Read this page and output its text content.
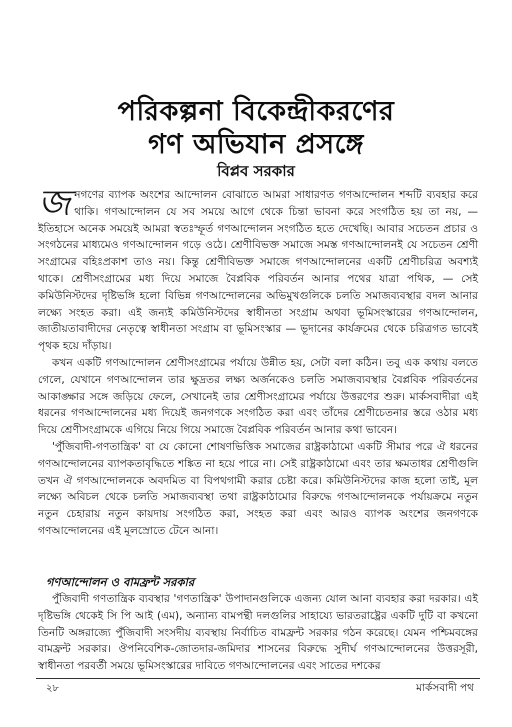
পরিকল্পনা বিকেন্দ্রীকরণের
গণ অভিযান প্রসঙ্গে
বিপ্লব সরকার

জনগণের ব্যাপক অংশের আন্দোলন বোঝাতে আমরা সাধারণত গণআন্দোলন শব্দটি ব্যবহার করে থাকি। গণআন্দোলন যে সব সময়ে আগে থেকে চিন্তা ভাবনা করে সংগঠিত হয় তা নয়, — ইতিহাসে অনেক সময়েই আমরা স্বতঃস্ফূর্ত গণআন্দোলন সংগঠিত হতে দেখেছি। আবার সচেতন প্রচার ও সংগঠনের মাধ্যমেও গণআন্দোলন গড়ে ওঠে। শ্রেণীবিভক্ত সমাজে সমস্ত গণআন্দোলনই যে সচেতন শ্রেণী সংগ্রামের বহিঃপ্রকাশ তাও নয়। কিন্তু শ্রেণীবিভক্ত সমাজে গণআন্দোলনের একটি শ্রেণীচরিত্র অবশ্যই থাকে। শ্রেণীসংগ্রামের মধ্য দিয়ে সমাজে বৈপ্লবিক পরিবর্তন আনার পথের যাত্রা পথিক, — সেই কমিউনিস্টদের দৃষ্টিভঙ্গি হলো বিভিন্ন গণআন্দোলনের অভিমুখগুলিকে চলতি সমাজব্যবস্থার বদল আনার লক্ষ্যে সংহত করা। এই জন্যই কমিউনিস্টদের স্বাধীনতা সংগ্রাম অথবা ভূমিসংস্কারের গণআন্দোলন, জাতীয়তাবাদীদের নেতৃত্বে স্বাধীনতা সংগ্রাম বা ভূমিসংস্কার — ভূদানের কার্যক্রমের থেকে চরিত্রগত ভাবেই পৃথক হয়ে দাঁড়ায়।

কখন একটি গণআন্দোলন শ্রেণীসংগ্রামের পর্যায়ে উন্নীত হয়, সেটা বলা কঠিন। তবু এক কথায় বলতে গেলে, যেখানে গণআন্দোলন তার ক্ষুদ্রতর লক্ষ্য অর্জনকেও চলতি সমাজব্যবস্থার বৈপ্লবিক পরিবর্তনের আকাঙ্ক্ষার সঙ্গে জড়িয়ে ফেলে, সেখানেই তার শ্রেণীসংগ্রামের পর্যায়ে উত্তরণের শুরু। মার্কসবাদীরা এই ধরনের গণআন্দোলনের মধ্য দিয়েই জনগণকে সংগঠিত করা এবং তাঁদের শ্রেণীচেতনার স্তরে ওঠার মধ্য দিয়ে শ্রেণীসংগ্রামকে এগিয়ে নিয়ে গিয়ে সমাজে বৈপ্লবিক পরিবর্তন আনার কথা ভাবেন।

'পুঁজিবাদী-গণতান্ত্রিক' বা যে কোনো শোষণভিত্তিক সমাজের রাষ্ট্রকাঠামো একটি সীমার পরে ঐ ধরনের গণআন্দোলনের ব্যাপকতাবৃদ্ধিতে শঙ্কিত না হয়ে পারে না। সেই রাষ্ট্রকাঠামো এবং তার ক্ষমতাধর শ্রেণীগুলি তখন ঐ গণআন্দোলনকে অবদমিত বা বিপথগামী করার চেষ্টা করে। কমিউনিস্টদের কাজ হলো তাই, মূল লক্ষ্যে অবিচল থেকে চলতি সমাজব্যবস্থা তথা রাষ্ট্রকাঠামোর বিরুদ্ধে গণআন্দোলনকে পর্যায়ক্রমে নতুন নতুন চেহারায় নতুন কায়দায় সংগঠিত করা, সংহত করা এবং আরও ব্যাপক অংশের জনগণকে গণআন্দোলনের এই মূলস্রোতে টেনে আনা।

গণআন্দোলন ও বামফ্রন্ট সরকার

পুঁজিবাদী গণতান্ত্রিক ব্যবস্থার 'গণতান্ত্রিক' উপাদানগুলিকে এজন্য যোল আনা ব্যবহার করা দরকার। এই দৃষ্টিভঙ্গি থেকেই সি পি আই (এম), অন্যান্য বামপন্থী দলগুলির সাহায্যে ভারতরাষ্ট্রের একটি দুটি বা কখনো তিনটি অঙ্গরাজ্যে পুঁজিবাদী সংসদীয় ব্যবস্থায় নির্বাচিত বামফ্রন্ট সরকার গঠন করেছে। যেমন পশ্চিমবঙ্গের বামফ্রন্ট সরকার। ঔপনিবেশিক-জোতদার-জমিদার শাসনের বিরুদ্ধে সুদীর্ঘ গণআন্দোলনের উত্তরসূরী, স্বাধীনতা পরবর্তী সময়ে ভূমিসংস্কারের দাবিতে গণআন্দোলনের এবং সাতের দশকের

২৮	মার্কসবাদী পথ
